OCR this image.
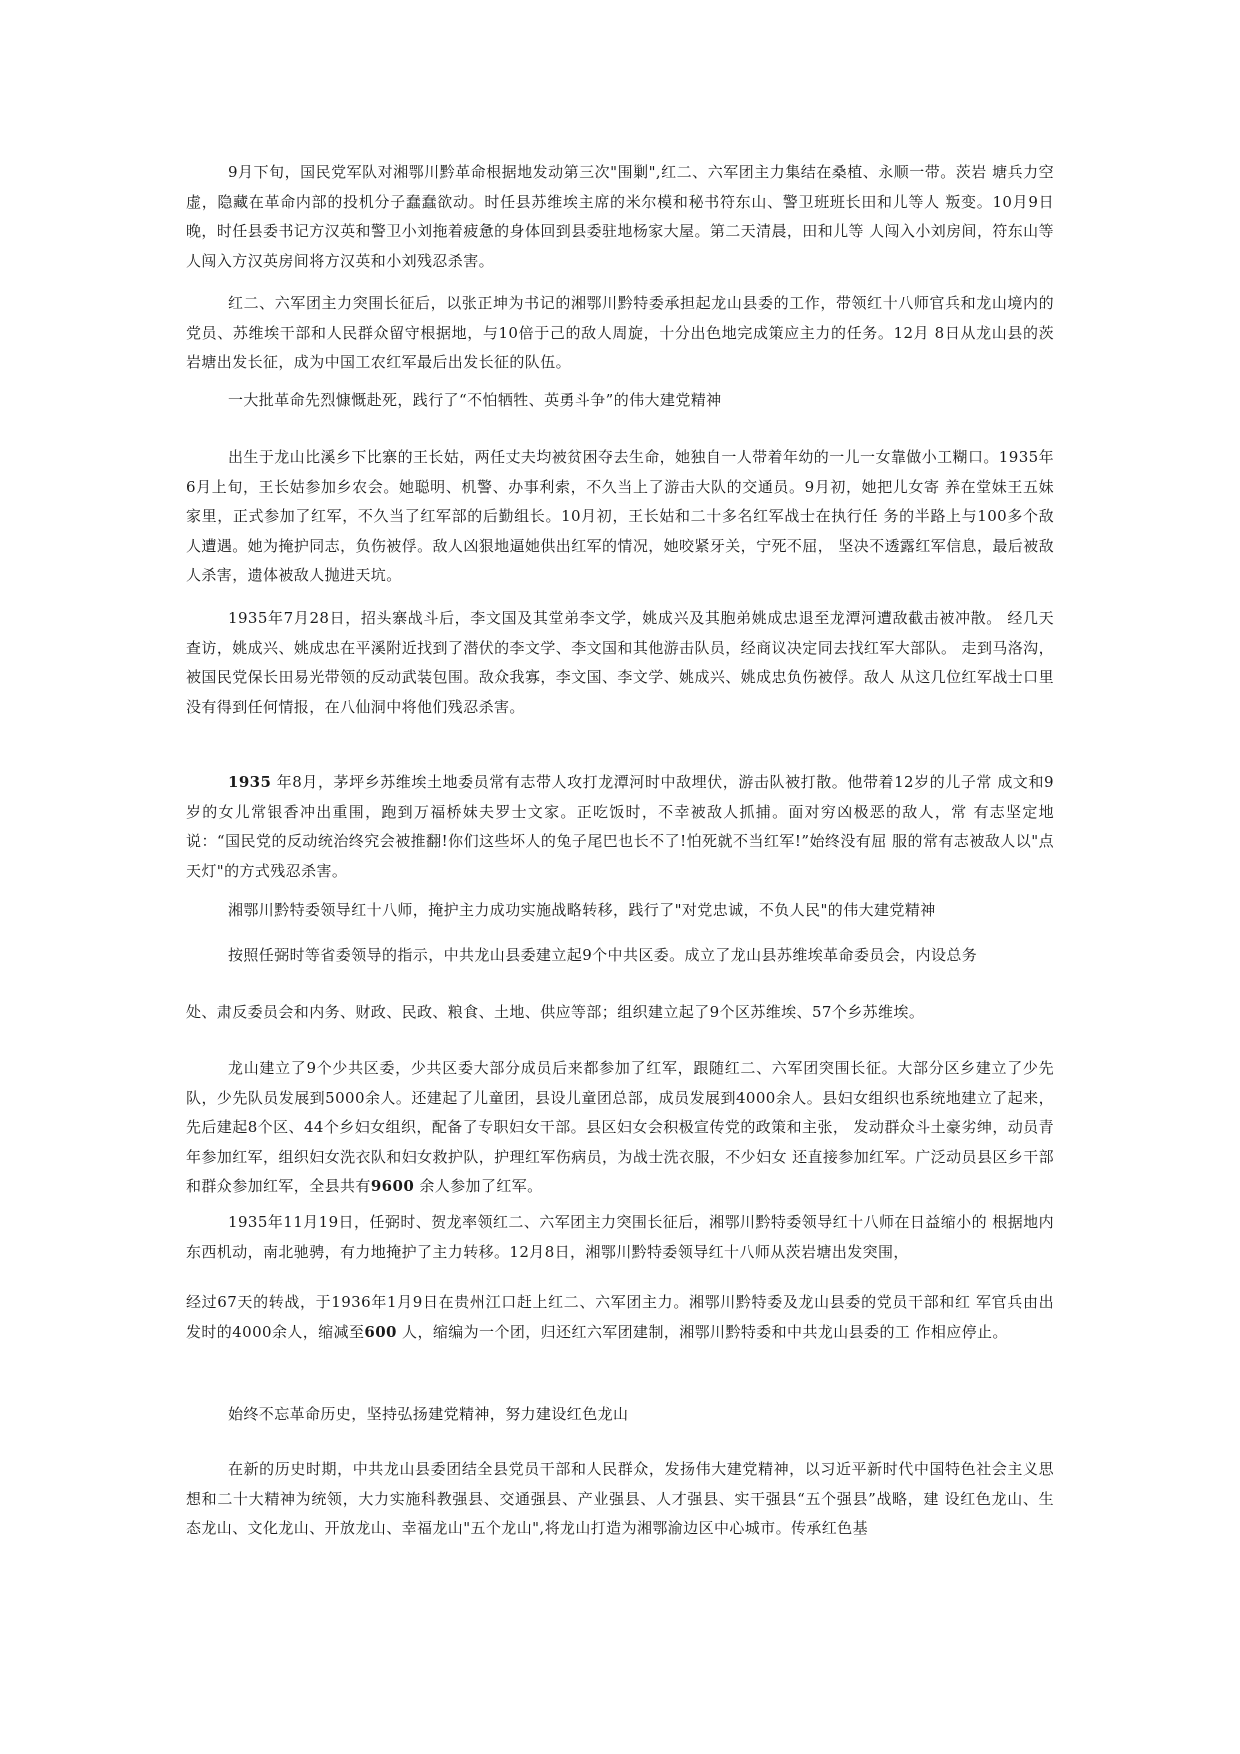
9月下旬，国民党军队对湘鄂川黔革命根据地发动第三次"围剿",红二、六军团主力集结在桑植、永顺一带。茨岩 塘兵力空虚，隐藏在革命内部的投机分子蠢蠢欲动。时任县苏维埃主席的米尔模和秘书符东山、警卫班班长田和儿等人 叛变。10月9日晚，时任县委书记方汉英和警卫小刘拖着疲惫的身体回到县委驻地杨家大屋。第二天清晨，田和儿等 人闯入小刘房间，符东山等人闯入方汉英房间将方汉英和小刘残忍杀害。

红二、六军团主力突围长征后，以张正坤为书记的湘鄂川黔特委承担起龙山县委的工作，带领红十八师官兵和龙山境内的党员、苏维埃干部和人民群众留守根据地，与10倍于己的敌人周旋，十分出色地完成策应主力的任务。12月 8日从龙山县的茨岩塘出发长征，成为中国工农红军最后出发长征的队伍。

一大批革命先烈慷慨赴死，践行了“不怕牺牲、英勇斗争”的伟大建党精神

出生于龙山比溪乡下比寨的王长姑，两任丈夫均被贫困夺去生命，她独自一人带着年幼的一儿一女靠做小工糊口。1935年6月上旬，王长姑参加乡农会。她聪明、机警、办事利索，不久当上了游击大队的交通员。9月初，她把儿女寄 养在堂妹王五妹家里，正式参加了红军，不久当了红军部的后勤组长。10月初，王长姑和二十多名红军战士在执行任 务的半路上与100多个敌人遭遇。她为掩护同志，负伤被俘。敌人凶狠地逼她供出红军的情况，她咬紧牙关，宁死不屈， 坚决不透露红军信息，最后被敌人杀害，遗体被敌人抛进天坑。

1935年7月28日，招头寨战斗后，李文国及其堂弟李文学，姚成兴及其胞弟姚成忠退至龙潭河遭敌截击被冲散。 经几天查访，姚成兴、姚成忠在平溪附近找到了潜伏的李文学、李文国和其他游击队员，经商议决定同去找红军大部队。 走到马洛沟，被国民党保长田易光带领的反动武装包围。敌众我寡，李文国、李文学、姚成兴、姚成忠负伤被俘。敌人 从这几位红军战士口里没有得到任何情报，在八仙洞中将他们残忍杀害。

1935 年8月，茅坪乡苏维埃土地委员常有志带人攻打龙潭河时中敌埋伏，游击队被打散。他带着12岁的儿子常 成文和9岁的女儿常银香冲出重围，跑到万福桥妹夫罗士文家。正吃饭时，不幸被敌人抓捕。面对穷凶极恶的敌人，常 有志坚定地说：“国民党的反动统治终究会被推翻!你们这些坏人的兔子尾巴也长不了!怕死就不当红军!”始终没有屈 服的常有志被敌人以"点天灯"的方式残忍杀害。

湘鄂川黔特委领导红十八师，掩护主力成功实施战略转移，践行了"对党忠诚，不负人民"的伟大建党精神

按照任弼时等省委领导的指示，中共龙山县委建立起9个中共区委。成立了龙山县苏维埃革命委员会，内设总务

处、肃反委员会和内务、财政、民政、粮食、土地、供应等部；组织建立起了9个区苏维埃、57个乡苏维埃。

龙山建立了9个少共区委，少共区委大部分成员后来都参加了红军，跟随红二、六军团突围长征。大部分区乡建立了少先队，少先队员发展到5000余人。还建起了儿童团，县设儿童团总部，成员发展到4000余人。县妇女组织也系统地建立了起来，先后建起8个区、44个乡妇女组织，配备了专职妇女干部。县区妇女会积极宣传党的政策和主张， 发动群众斗土豪劣绅，动员青年参加红军，组织妇女洗衣队和妇女救护队，护理红军伤病员，为战士洗衣服，不少妇女 还直接参加红军。广泛动员县区乡干部和群众参加红军，全县共有9600 余人参加了红军。

1935年11月19日，任弼时、贺龙率领红二、六军团主力突围长征后，湘鄂川黔特委领导红十八师在日益缩小的 根据地内东西机动，南北驰骋，有力地掩护了主力转移。12月8日，湘鄂川黔特委领导红十八师从茨岩塘出发突围，

经过67天的转战，于1936年1月9日在贵州江口赶上红二、六军团主力。湘鄂川黔特委及龙山县委的党员干部和红 军官兵由出发时的4000余人，缩减至600 人，缩编为一个团，归还红六军团建制，湘鄂川黔特委和中共龙山县委的工 作相应停止。

始终不忘革命历史，坚持弘扬建党精神，努力建设红色龙山

在新的历史时期，中共龙山县委团结全县党员干部和人民群众，发扬伟大建党精神，以习近平新时代中国特色社会主义思想和二十大精神为统领，大力实施科教强县、交通强县、产业强县、人才强县、实干强县“五个强县”战略，建 设红色龙山、生态龙山、文化龙山、开放龙山、幸福龙山"五个龙山",将龙山打造为湘鄂渝边区中心城市。传承红色基
